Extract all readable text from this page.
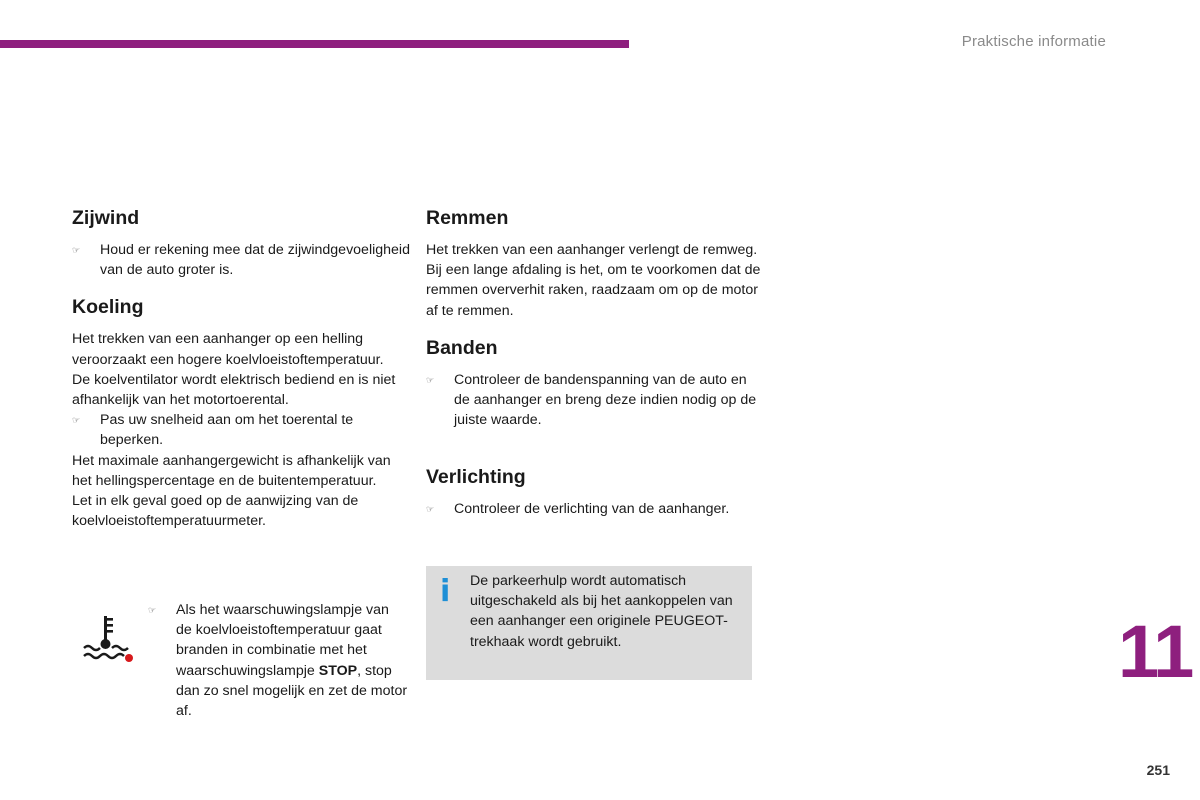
Praktische informatie
Zijwind
☞	Houd er rekening mee dat de zijwindgevoeligheid van de auto groter is.
Koeling

Het trekken van een aanhanger op een helling veroorzaakt een hogere koelvloeistoftemperatuur.

De koelventilator wordt elektrisch bediend en is niet afhankelijk van het motortoerental.

☞	Pas uw snelheid aan om het toerental te beperken.

Het maximale aanhangergewicht is afhankelijk van het hellingspercentage en de buitentemperatuur.

Let in elk geval goed op de aanwijzing van de koelvloeistoftemperatuurmeter.

☞	Als het waarschuwingslampje van de koelvloeistoftemperatuur gaat branden in combinatie met het waarschuwingslampje STOP, stop dan zo snel mogelijk en zet de motor af.
Remmen

Het trekken van een aanhanger verlengt de remweg.

Bij een lange afdaling is het, om te voorkomen dat de remmen oververhit raken, raadzaam om op de motor af te remmen.

Banden
☞	Controleer de bandenspanning van de auto en de aanhanger en breng deze indien nodig op de juiste waarde.
Verlichting
☞	Controleer de verlichting van de aanhanger.
i De parkeerhulp wordt automatisch uitgeschakeld als bij het aankoppelen van een aanhanger een originele PEUGEOT-trekhaak wordt gebruikt.	11
251
